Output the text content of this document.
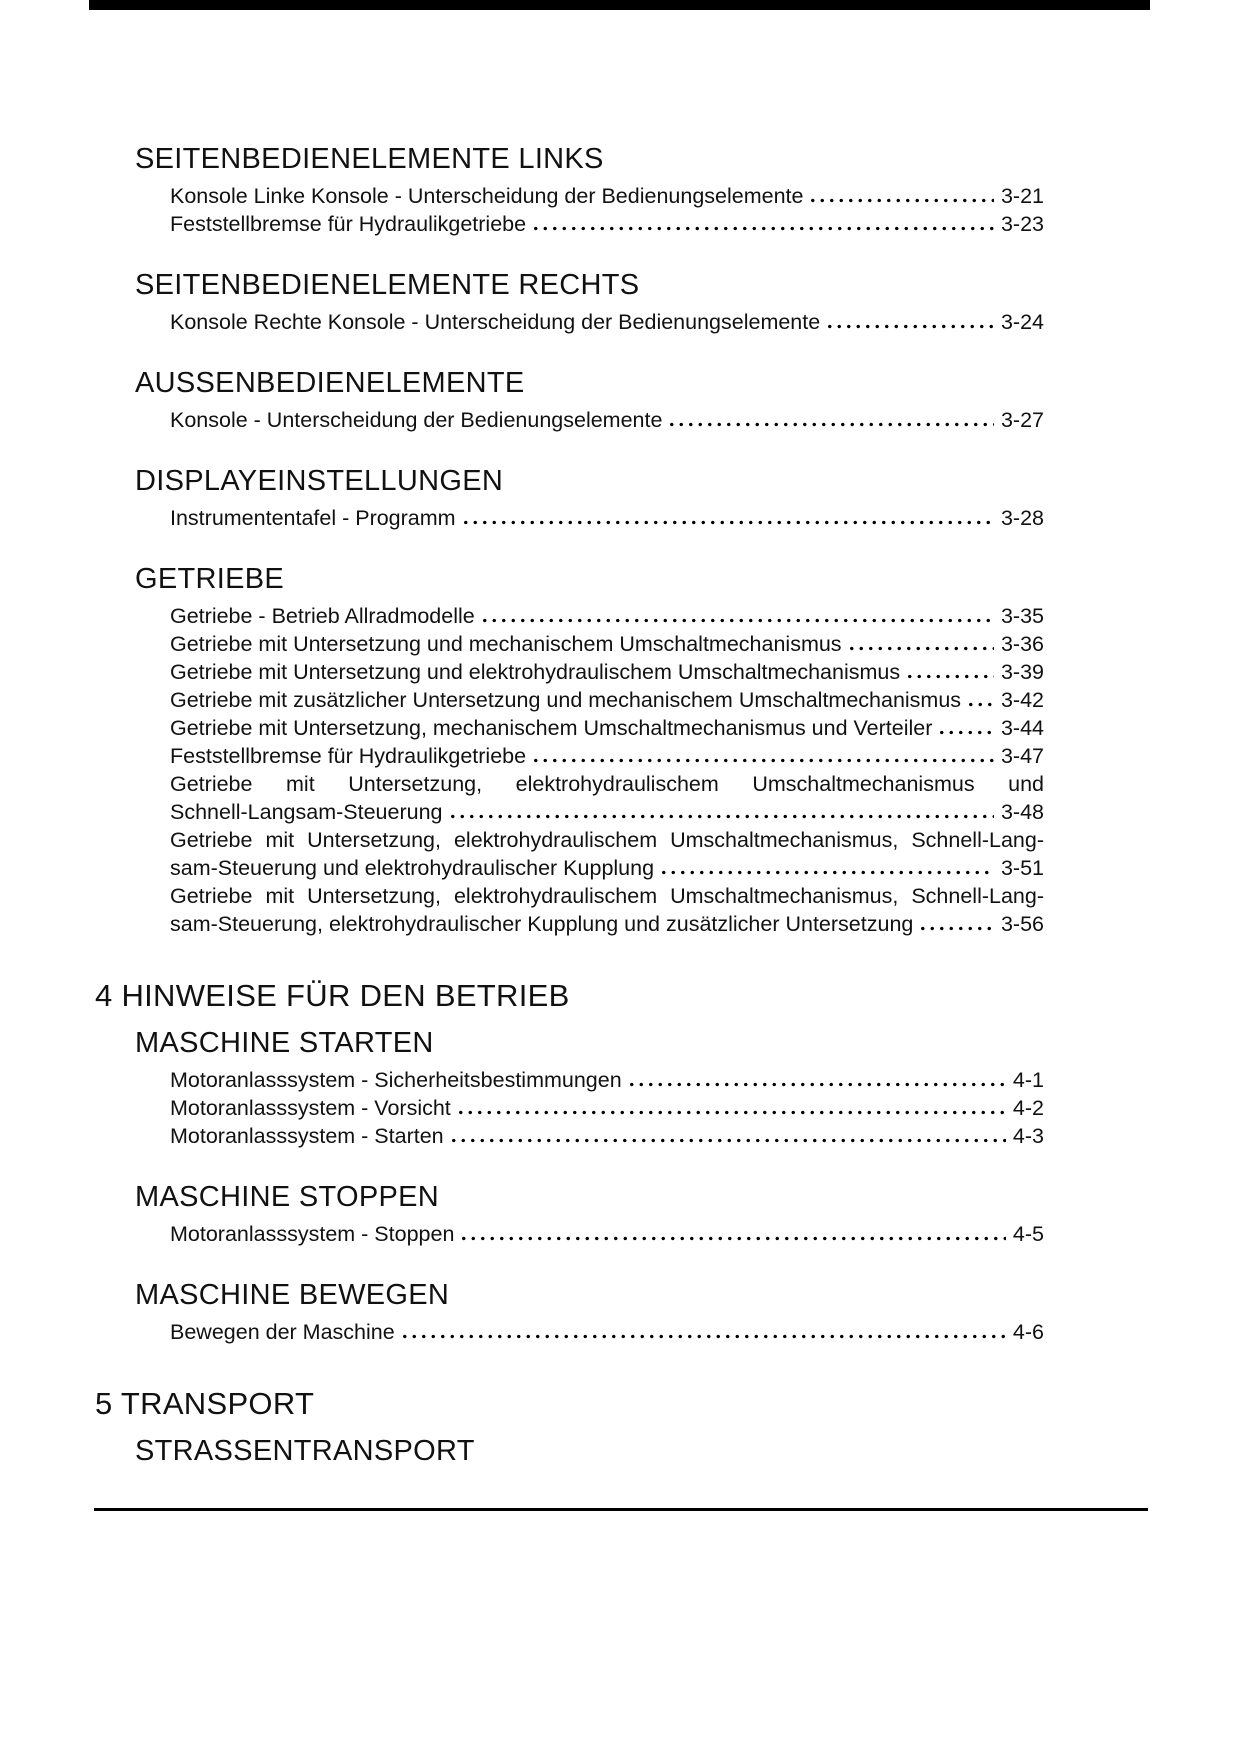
SEITENBEDIENELEMENTE LINKS
Konsole Linke Konsole - Unterscheidung der Bedienungselemente	3-21
Feststellbremse für Hydraulikgetriebe	3-23
SEITENBEDIENELEMENTE RECHTS
Konsole Rechte Konsole - Unterscheidung der Bedienungselemente	3-24
AUSSENBEDIENELEMENTE
Konsole - Unterscheidung der Bedienungselemente	3-27
DISPLAYEINSTELLUNGEN
Instrumententafel - Programm	3-28
GETRIEBE
Getriebe - Betrieb Allradmodelle	3-35
Getriebe mit Untersetzung und mechanischem Umschaltmechanismus	3-36
Getriebe mit Untersetzung und elektrohydraulischem Umschaltmechanismus	3-39
Getriebe mit zusätzlicher Untersetzung und mechanischem Umschaltmechanismus 3-42
Getriebe mit Untersetzung, mechanischem Umschaltmechanismus und Verteiler	3-44
Feststellbremse für Hydraulikgetriebe	3-47
Getriebe mit Untersetzung, elektrohydraulischem Umschaltmechanismus und
Schnell-Langsam-Steuerung	3-48
Getriebe mit Untersetzung, elektrohydraulischem Umschaltmechanismus, Schnell-Lang-
sam-Steuerung und elektrohydraulischer Kupplung	3-51
Getriebe mit Untersetzung, elektrohydraulischem Umschaltmechanismus, Schnell-Lang-
sam-Steuerung, elektrohydraulischer Kupplung und zusätzlicher Untersetzung	3-56
4 HINWEISE FÜR DEN BETRIEB
MASCHINE STARTEN
Motoranlasssystem - Sicherheitsbestimmungen	4-1
Motoranlasssystem - Vorsicht	4-2
Motoranlasssystem - Starten	4-3
MASCHINE STOPPEN
Motoranlasssystem - Stoppen	4-5
MASCHINE BEWEGEN
Bewegen der Maschine	4-6
5 TRANSPORT
STRASSENTRANSPORT
